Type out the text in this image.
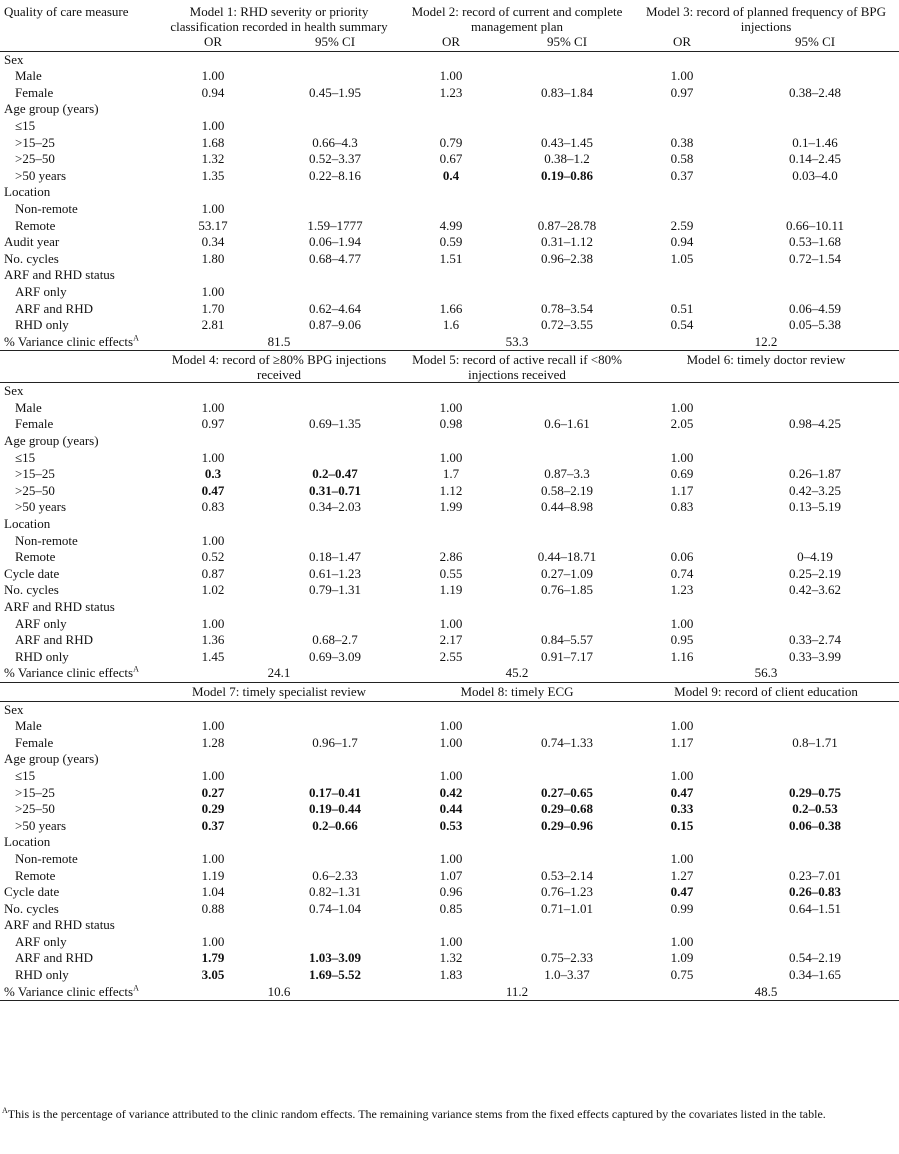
Quality of care measure	Model 1: RHD severity or priority classification recorded in health summary		Model 2: record of current and complete management plan		Model 3: record of planned frequency of BPG injections	
	OR	95% CI	OR	95% CI	OR	95% CI
Sex						
Male	1.00		1.00		1.00	
Female	0.94	0.45–1.95	1.23	0.83–1.84	0.97	0.38–2.48
Age group (years)						
≤15	1.00					
>15–25	1.68	0.66–4.3	0.79	0.43–1.45	0.38	0.1–1.46
>25–50	1.32	0.52–3.37	0.67	0.38–1.2	0.58	0.14–2.45
>50 years	1.35	0.22–8.16	0.4	0.19–0.86	0.37	0.03–4.0
Location						
Non-remote	1.00					
Remote	53.17	1.59–1777	4.99	0.87–28.78	2.59	0.66–10.11
Audit year	0.34	0.06–1.94	0.59	0.31–1.12	0.94	0.53–1.68
No. cycles	1.80	0.68–4.77	1.51	0.96–2.38	1.05	0.72–1.54
ARF and RHD status						
ARF only	1.00					
ARF and RHD	1.70	0.62–4.64	1.66	0.78–3.54	0.51	0.06–4.59
RHD only	2.81	0.87–9.06	1.6	0.72–3.55	0.54	0.05–5.38
% Variance clinic effects$^A$	81.5		53.3		12.2	
	Model 4: record of ≥80% BPG injections received		Model 5: record of active recall if <80% injections received		Model 6: timely doctor review	
Sex						
Male	1.00		1.00		1.00	
Female	0.97	0.69–1.35	0.98	0.6–1.61	2.05	0.98–4.25
Age group (years)						
≤15	1.00		1.00		1.00	
>15–25	0.3	0.2–0.47	1.7	0.87–3.3	0.69	0.26–1.87
>25–50	0.47	0.31–0.71	1.12	0.58–2.19	1.17	0.42–3.25
>50 years	0.83	0.34–2.03	1.99	0.44–8.98	0.83	0.13–5.19
Location						
Non-remote	1.00					
Remote	0.52	0.18–1.47	2.86	0.44–18.71	0.06	0–4.19
Cycle date	0.87	0.61–1.23	0.55	0.27–1.09	0.74	0.25–2.19
No. cycles	1.02	0.79–1.31	1.19	0.76–1.85	1.23	0.42–3.62
ARF and RHD status						
ARF only	1.00		1.00		1.00	
ARF and RHD	1.36	0.68–2.7	2.17	0.84–5.57	0.95	0.33–2.74
RHD only	1.45	0.69–3.09	2.55	0.91–7.17	1.16	0.33–3.99
% Variance clinic effects$^A$	24.1		45.2		56.3	
	Model 7: timely specialist review		Model 8: timely ECG		Model 9: record of client education	
Sex						
Male	1.00		1.00		1.00	
Female	1.28	0.96–1.7	1.00	0.74–1.33	1.17	0.8–1.71
Age group (years)						
≤15	1.00		1.00		1.00	
>15–25	0.27	0.17–0.41	0.42	0.27–0.65	0.47	0.29–0.75
>25–50	0.29	0.19–0.44	0.44	0.29–0.68	0.33	0.2–0.53
>50 years	0.37	0.2–0.66	0.53	0.29–0.96	0.15	0.06–0.38
Location						
Non-remote	1.00		1.00		1.00	
Remote	1.19	0.6–2.33	1.07	0.53–2.14	1.27	0.23–7.01
Cycle date	1.04	0.82–1.31	0.96	0.76–1.23	0.47	0.26–0.83
No. cycles	0.88	0.74–1.04	0.85	0.71–1.01	0.99	0.64–1.51
ARF and RHD status						
ARF only	1.00		1.00		1.00	
ARF and RHD	1.79	1.03–3.09	1.32	0.75–2.33	1.09	0.54–2.19
RHD only	3.05	1.69–5.52	1.83	1.0–3.37	0.75	0.34–1.65
% Variance clinic effects$^A$	10.6		11.2		48.5	
$^A$This is the percentage of variance attributed to the clinic random effects. The remaining variance stems from the fixed effects captured by the covariates listed in the table.
